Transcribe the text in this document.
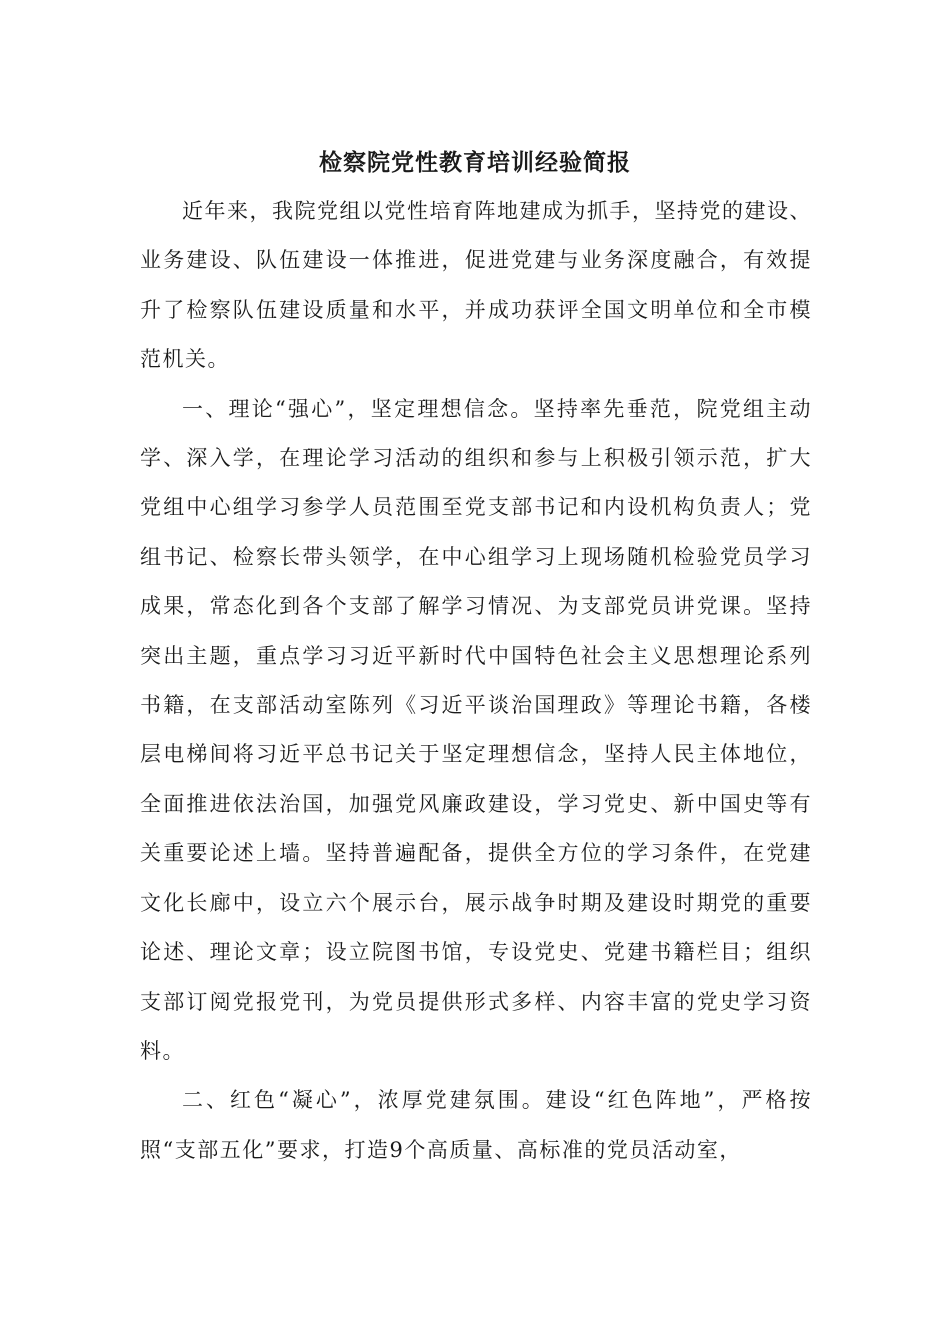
检察院党性教育培训经验简报

近年来，我院党组以党性培育阵地建成为抓手，坚持党的建设、业务建设、队伍建设一体推进，促进党建与业务深度融合，有效提升了检察队伍建设质量和水平，并成功获评全国文明单位和全市模范机关。

一、理论“强心”，坚定理想信念。坚持率先垂范，院党组主动学、深入学，在理论学习活动的组织和参与上积极引领示范，扩大党组中心组学习参学人员范围至党支部书记和内设机构负责人；党组书记、检察长带头领学，在中心组学习上现场随机检验党员学习成果，常态化到各个支部了解学习情况、为支部党员讲党课。坚持突出主题，重点学习习近平新时代中国特色社会主义思想理论系列书籍，在支部活动室陈列《习近平谈治国理政》等理论书籍，各楼层电梯间将习近平总书记关于坚定理想信念，坚持人民主体地位，全面推进依法治国，加强党风廉政建设，学习党史、新中国史等有关重要论述上墙。坚持普遍配备，提供全方位的学习条件，在党建文化长廊中，设立六个展示台，展示战争时期及建设时期党的重要论述、理论文章；设立院图书馆，专设党史、党建书籍栏目；组织支部订阅党报党刊，为党员提供形式多样、内容丰富的党史学习资料。

二、红色“凝心”，浓厚党建氛围。建设“红色阵地”，严格按照“支部五化”要求，打造9个高质量、高标准的党员活动室，
